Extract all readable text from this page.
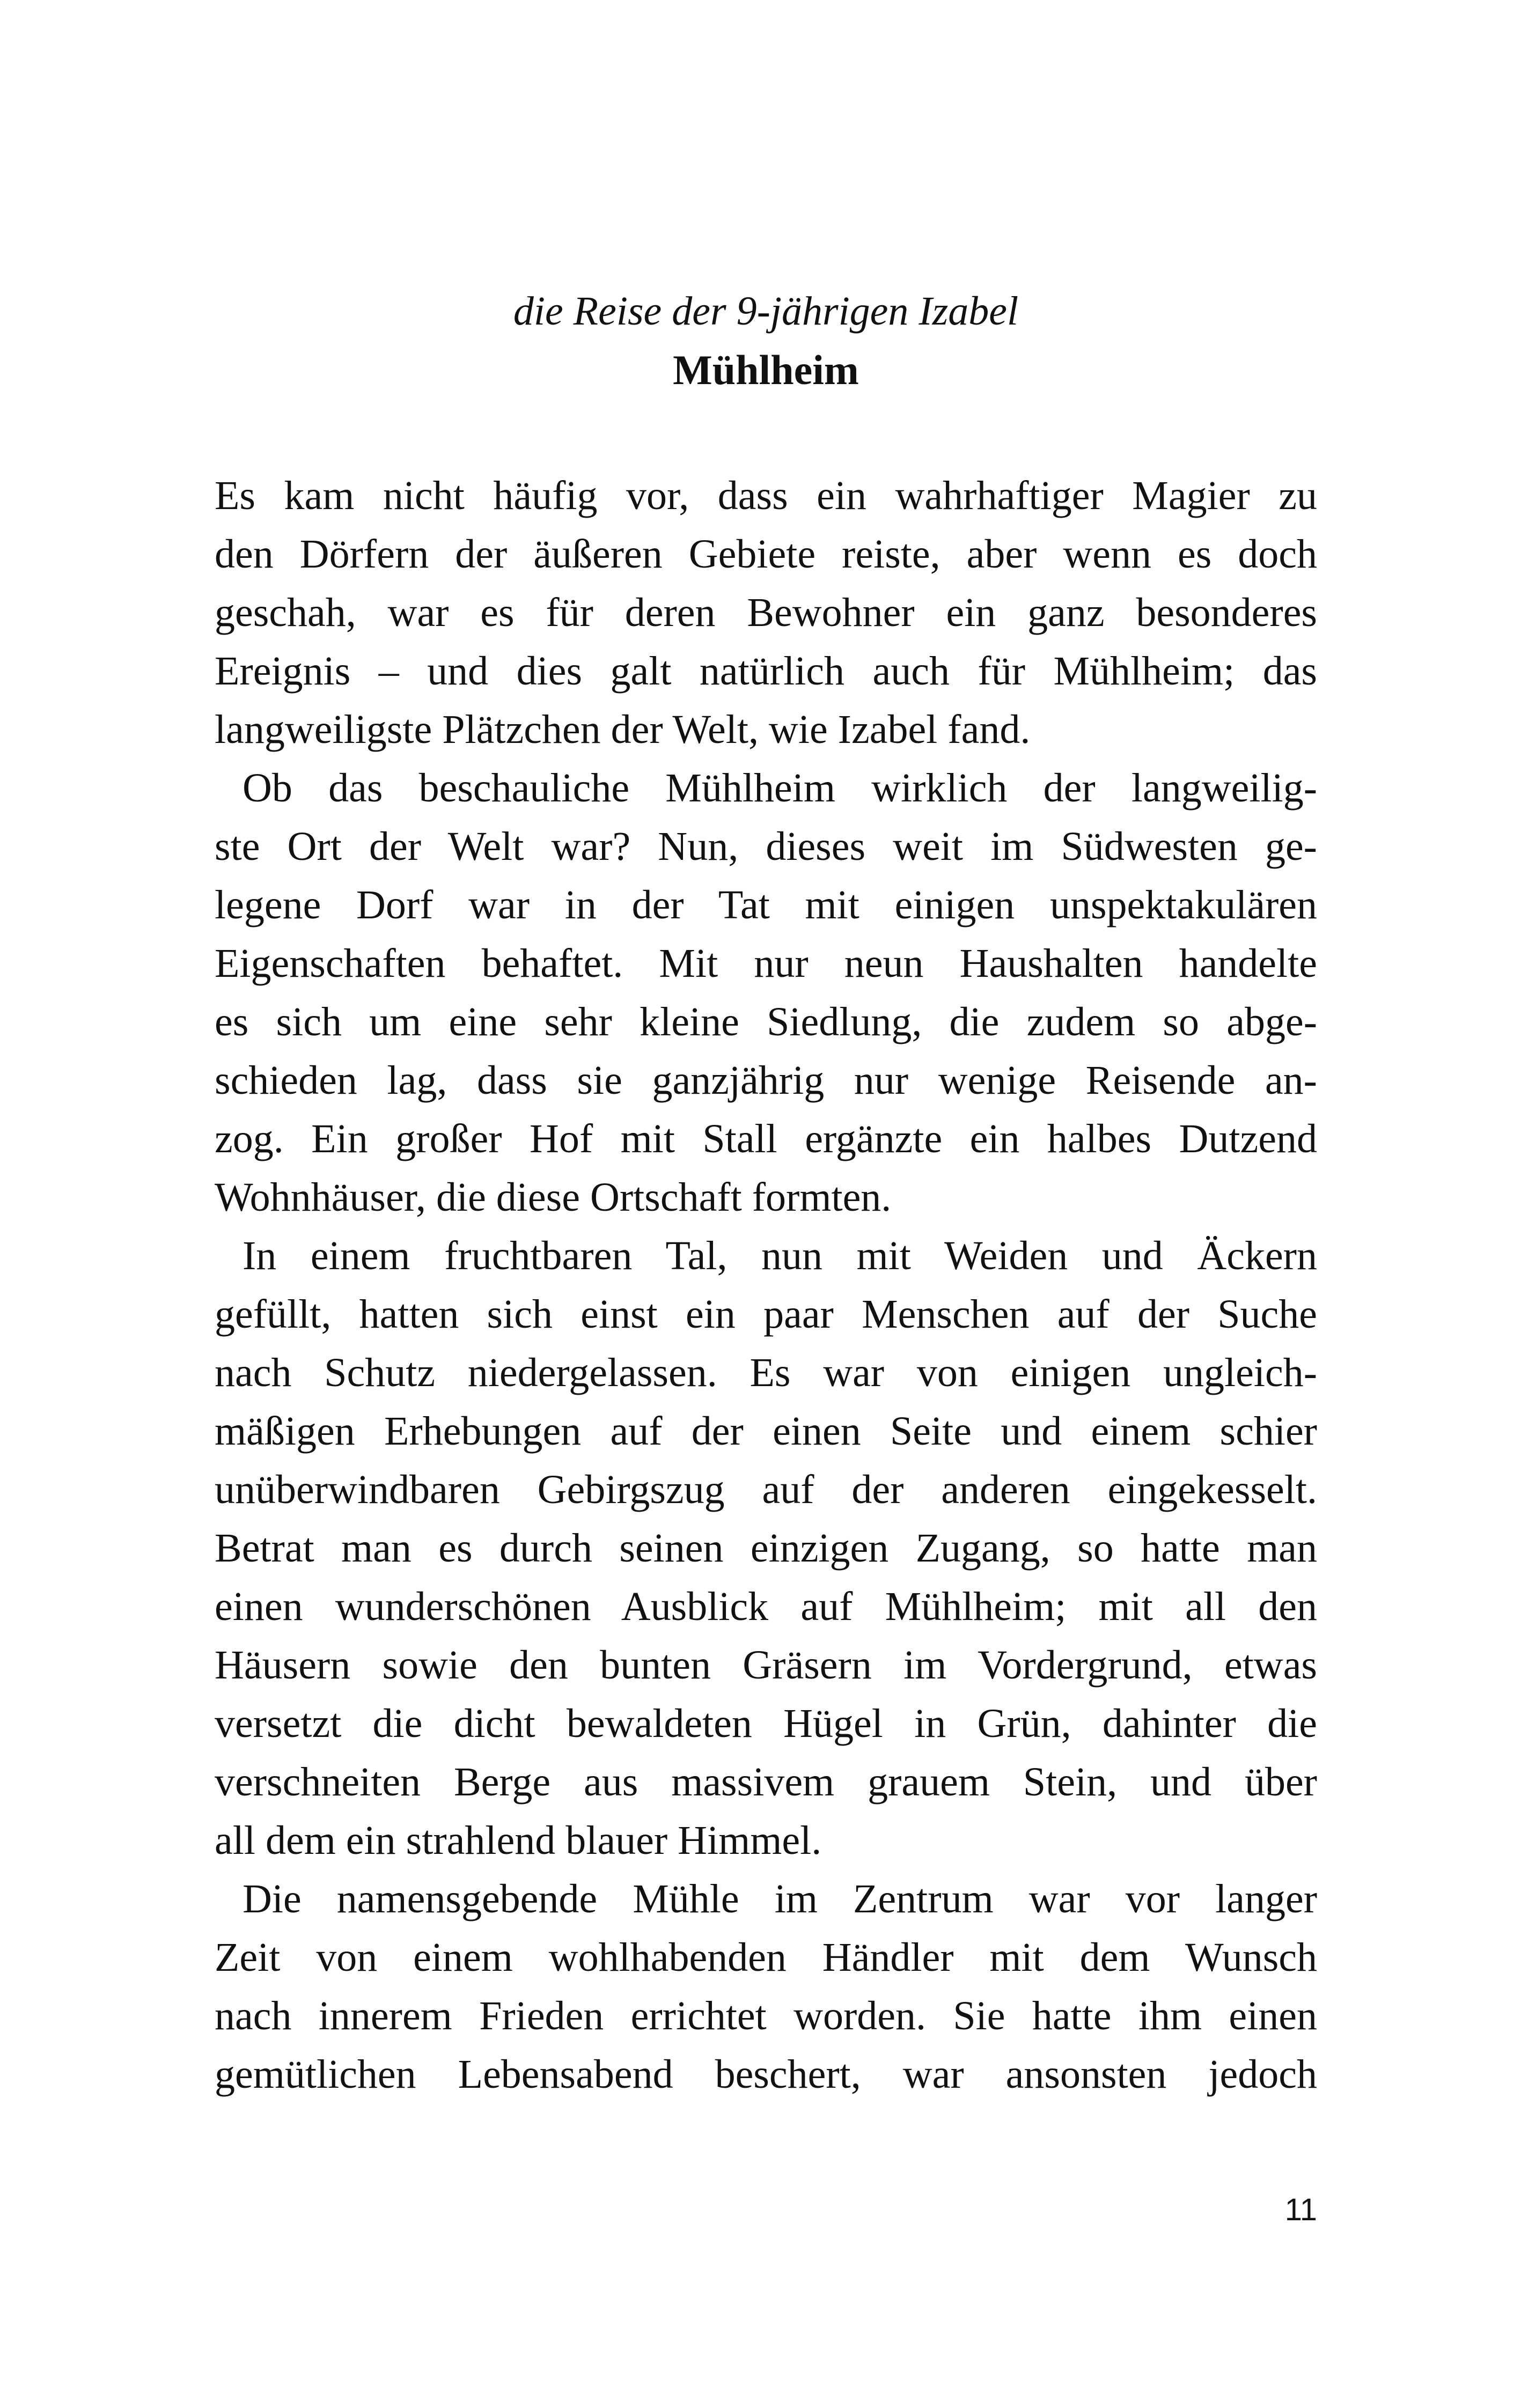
die Reise der 9-jährigen Izabel
Mühlheim

Es kam nicht häufig vor, dass ein wahrhaftiger Magier zu
den Dörfern der äußeren Gebiete reiste, aber wenn es doch
geschah, war es für deren Bewohner ein ganz besonderes
Ereignis – und dies galt natürlich auch für Mühlheim; das
langweiligste Plätzchen der Welt, wie Izabel fand.

Ob das beschauliche Mühlheim wirklich der langweilig-
ste Ort der Welt war? Nun, dieses weit im Südwesten ge-
legene Dorf war in der Tat mit einigen unspektakulären
Eigenschaften behaftet. Mit nur neun Haushalten handelte
es sich um eine sehr kleine Siedlung, die zudem so abge-
schieden lag, dass sie ganzjährig nur wenige Reisende an-
zog. Ein großer Hof mit Stall ergänzte ein halbes Dutzend
Wohnhäuser, die diese Ortschaft formten.

In einem fruchtbaren Tal, nun mit Weiden und Äckern
gefüllt, hatten sich einst ein paar Menschen auf der Suche
nach Schutz niedergelassen. Es war von einigen ungleich-
mäßigen Erhebungen auf der einen Seite und einem schier
unüberwindbaren Gebirgszug auf der anderen eingekesselt.
Betrat man es durch seinen einzigen Zugang, so hatte man
einen wunderschönen Ausblick auf Mühlheim; mit all den
Häusern sowie den bunten Gräsern im Vordergrund, etwas
versetzt die dicht bewaldeten Hügel in Grün, dahinter die
verschneiten Berge aus massivem grauem Stein, und über
all dem ein strahlend blauer Himmel.

Die namensgebende Mühle im Zentrum war vor langer
Zeit von einem wohlhabenden Händler mit dem Wunsch
nach innerem Frieden errichtet worden. Sie hatte ihm einen
gemütlichen Lebensabend beschert, war ansonsten jedoch

11
